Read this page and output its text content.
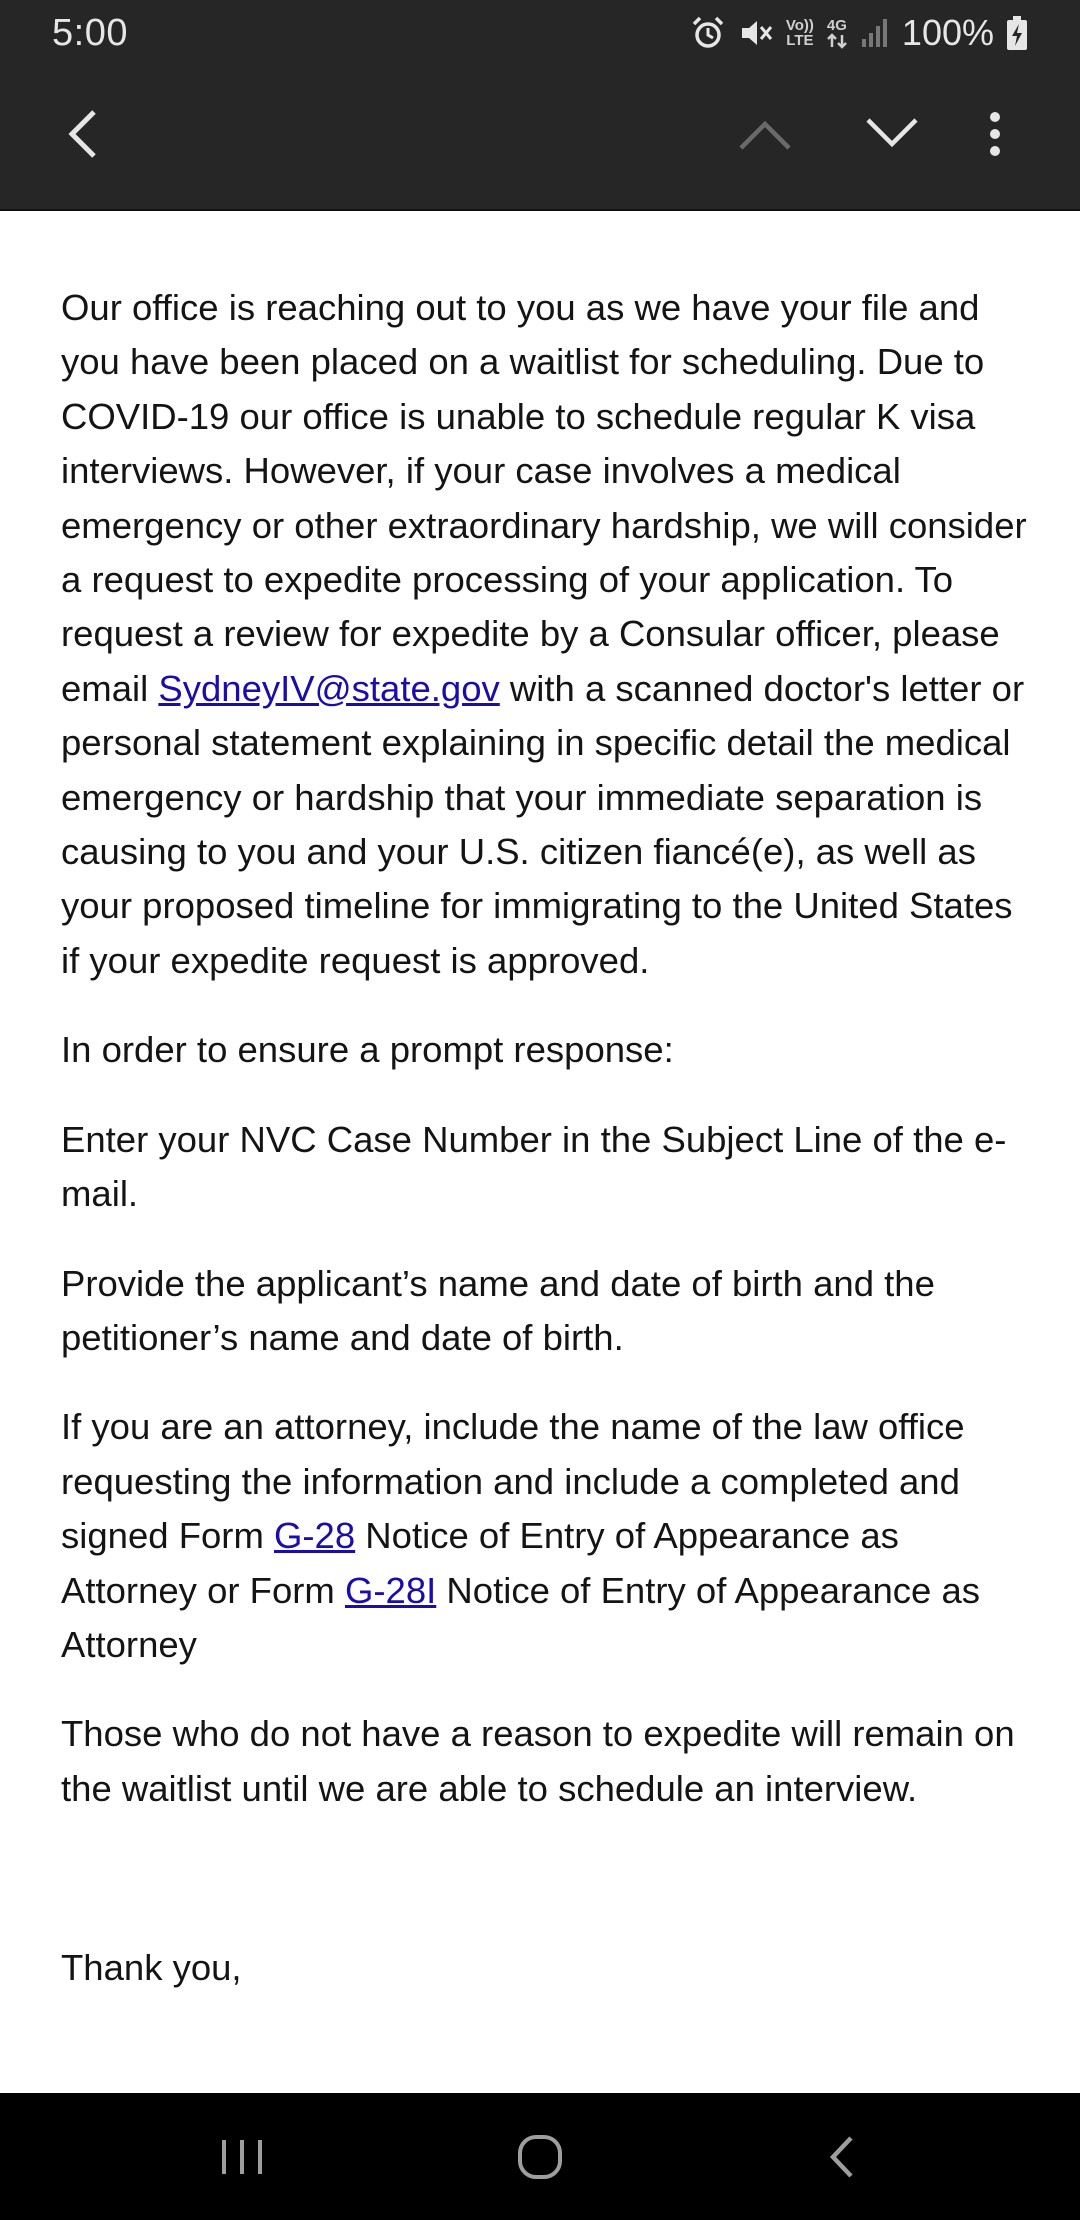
5:00	Vo))
LTE
4G 100%

Our office is reaching out to you as we have your file and you have been placed on a waitlist for scheduling. Due to COVID-19 our office is unable to schedule regular K visa interviews. However, if your case involves a medical emergency or other extraordinary hardship, we will consider a request to expedite processing of your application. To request a review for expedite by a Consular officer, please email SydneyIV@state.gov with a scanned doctor's letter or personal statement explaining in specific detail the medical emergency or hardship that your immediate separation is causing to you and your U.S. citizen fiancé(e), as well as your proposed timeline for immigrating to the United States if your expedite request is approved.

In order to ensure a prompt response:

Enter your NVC Case Number in the Subject Line of the e-mail.

Provide the applicant’s name and date of birth and the petitioner’s name and date of birth.

If you are an attorney, include the name of the law office requesting the information and include a completed and signed Form G-28 Notice of Entry of Appearance as Attorney or Form G-28I Notice of Entry of Appearance as Attorney

Those who do not have a reason to expedite will remain on the waitlist until we are able to schedule an interview.

Thank you,
